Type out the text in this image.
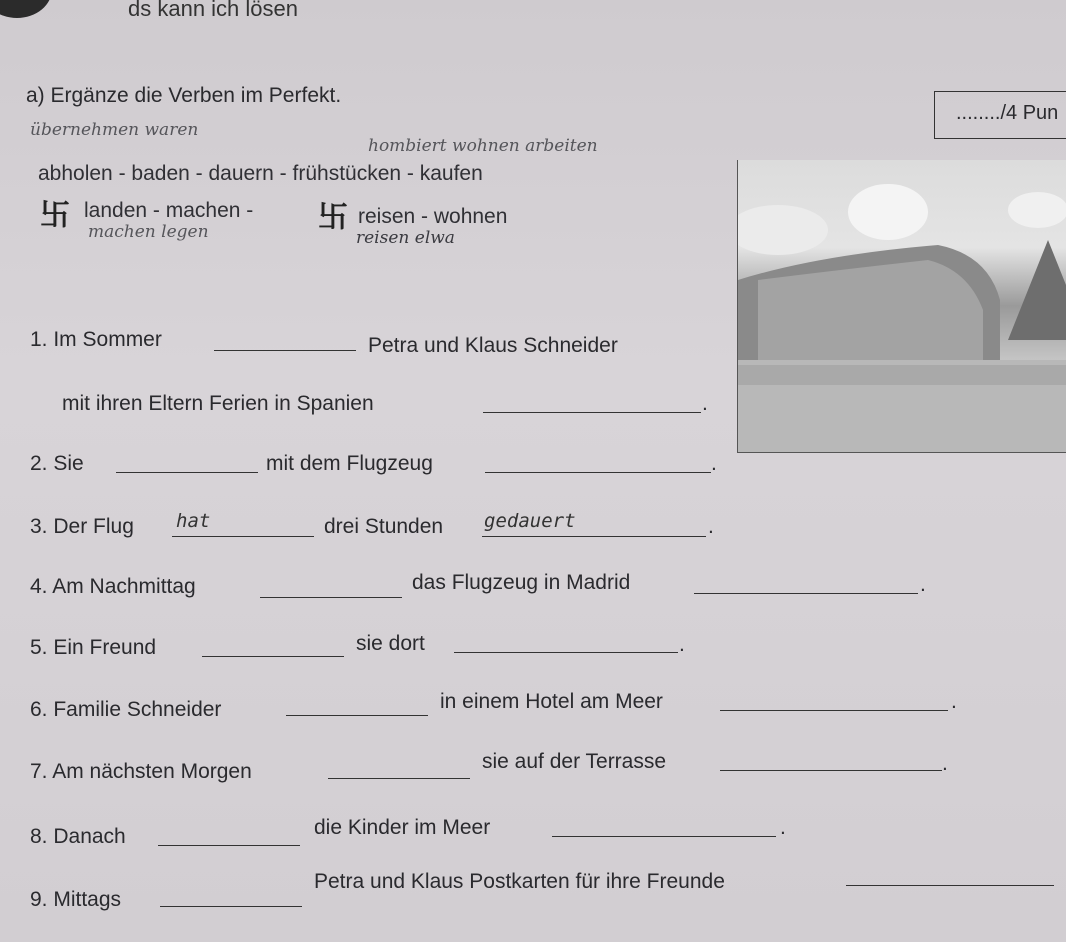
ds kann ich lösen
a) Ergänze die Verben im Perfekt.
......../4 Pun
übernehmen waren
hombiert wohnen arbeiten
abholen - baden - dauern - frühstücken - kaufen
卐 landen - machen - 卐 reisen - wohnen
machen legen	reisen elwa
1. Im Sommer	Petra und Klaus Schneider
mit ihren Eltern Ferien in Spanien	.
2. Sie	mit dem Flugzeug	.
3. Der Flug hat	drei Stunden gedauert	.
4. Am Nachmittag	das Flugzeug in Madrid	.
5. Ein Freund	sie dort	.
6. Familie Schneider	in einem Hotel am Meer	.
7. Am nächsten Morgen	sie auf der Terrasse	.
8. Danach	die Kinder im Meer	.
9. Mittags
Petra und Klaus Postkarten für ihre Freunde
